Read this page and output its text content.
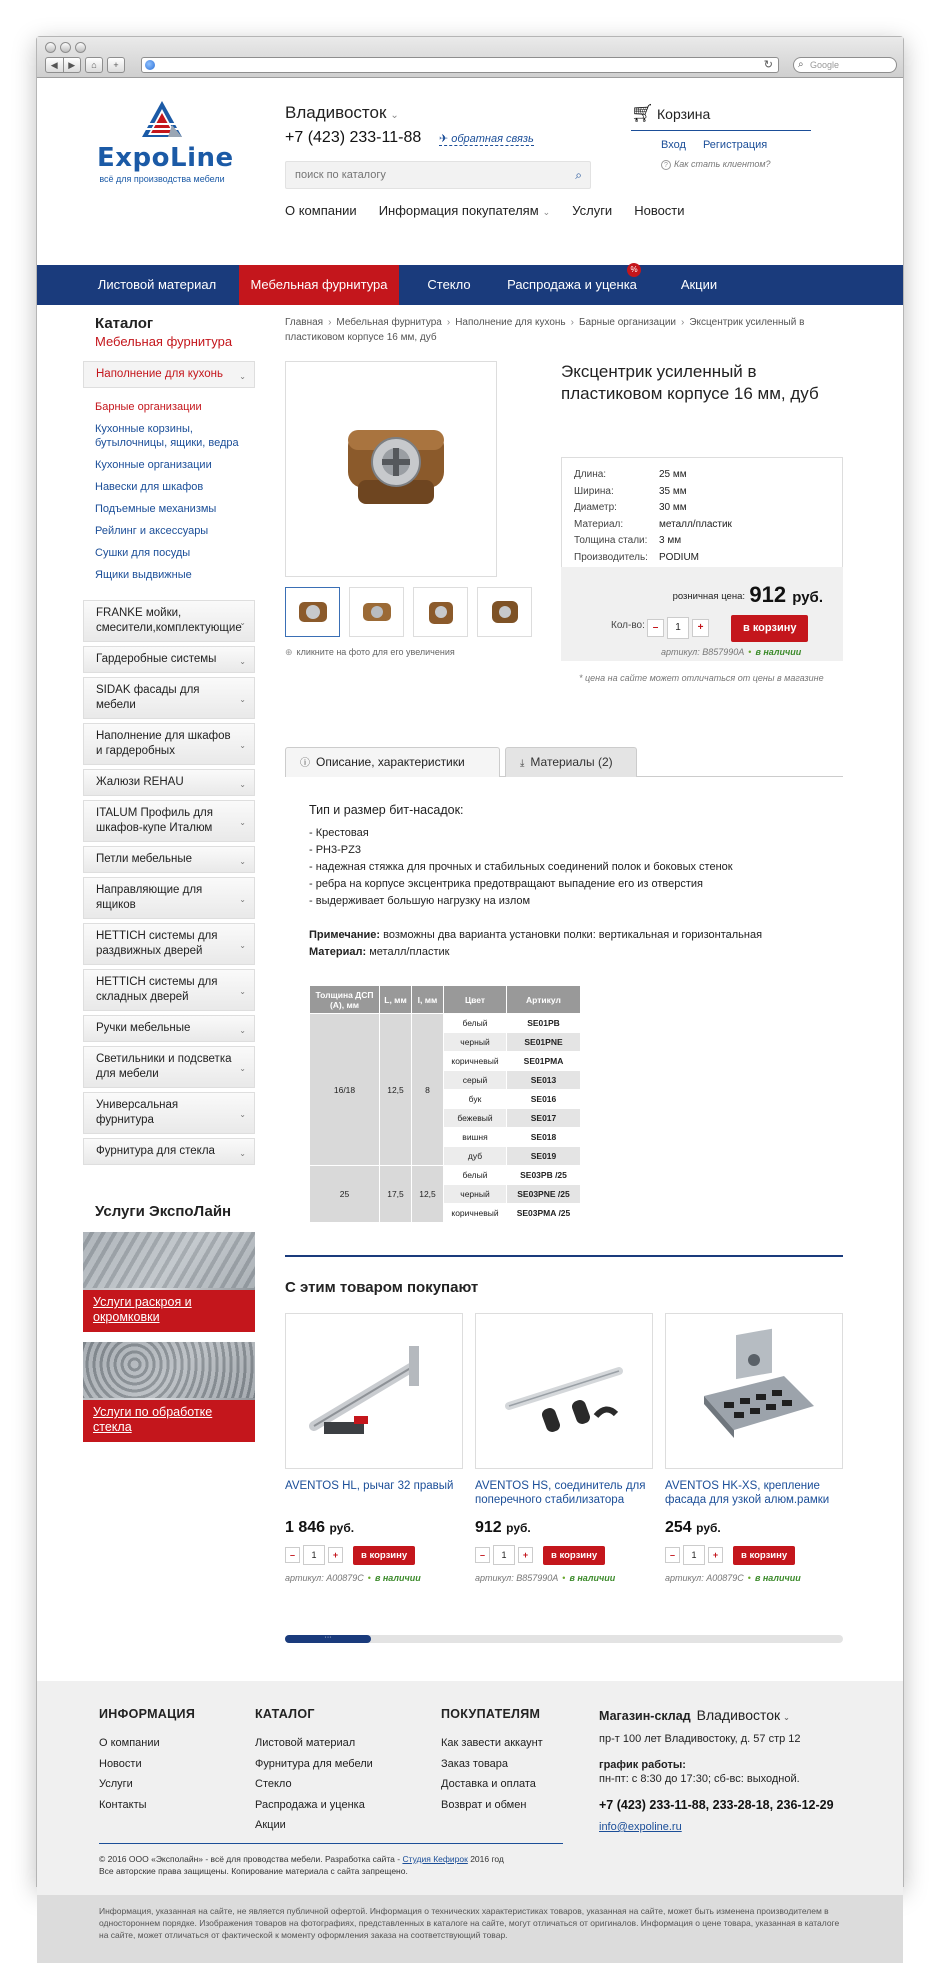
◀	▶	⌂	+	↻	⌕ Google
ExpoLine
всё для производства мебели
Владивосток ⌄
+7 (423) 233-11-88 ✈ обратная связь
поиск по каталогу
⌕
О компании Информация покупателям ⌄ Услуги Новости
🛒︎ Корзина
Вход Регистрация
? Как стать клиентом?
Листовой материал	Мебельная фурнитура	Стекло	Распродажа и уценка
%
Акции
Каталог
Мебельная фурнитура
Наполнение для кухонь ⌄
Барные организации
Кухонные корзины, бутылочницы, ящики, ведра
Кухонные организации
Навески для шкафов
Подъемные механизмы
Рейлинг и аксессуары
Сушки для посуды
Ящики выдвижные
FRANKE мойки, смесители,комплектующие
⌄
Гардеробные системы	⌄
SIDAK фасады для мебели	⌄
Наполнение для шкафов и гардеробных	⌄
Жалюзи REHAU	⌄
ITALUM Профиль для шкафов-купе Италюм	⌄
Петли мебельные	⌄
Направляющие для ящиков	⌄
HETTICH системы для раздвижных дверей	⌄
HETTICH системы для складных дверей	⌄
Ручки мебельные	⌄
Светильники и подсветка для мебели	⌄
Универсальная фурнитура	⌄
Фурнитура для стекла	⌄
Услуги ЭкспоЛайн
Услуги раскроя и окромковки
Услуги по обработке стекла
Главная › Мебельная фурнитура › Наполнение для кухонь › Барные организации › Эксцентрик усиленный в пластиковом корпусе 16 мм, дуб
⊕ кликните на фото для его увеличения
Эксцентрик усиленный в пластиковом корпусе 16 мм, дуб
Длина:	25 мм
Ширина:	35 мм
Диаметр:	30 мм
Материал:	металл/пластик
Толщина стали:	3 мм
Производитель:	PODIUM
розничная цена: 912 руб.
Кол-во: –	1	+	в корзину
артикул: B857990A • в наличии
* цена на сайте может отличаться от цены в магазине
ⓘ Описание, характеристики	⤓ Материалы (2)
Тип и размер бит-насадок:
- Крестовая
- PH3-PZ3
- надежная стяжка для прочных и стабильных соединений полок и боковых стенок
- ребра на корпусе эксцентрика предотвращают выпадение его из отверстия
- выдерживает большую нагрузку на излом
Примечание: возможны два варианта установки полки: вертикальная и горизонтальная
Материал: металл/пластик
Толщина ДСП (А), мм	L, мм	I, мм	Цвет	Артикул
16/18	12,5	8	белый	SE01PB
			черный	SE01PNE
			коричневый	SE01PMA
			серый	SE013
			бук	SE016
			бежевый	SE017
			вишня	SE018
			дуб	SE019
25	17,5	12,5	белый	SE03PB /25
			черный	SE03PNE /25
			коричневый	SE03PMA /25
С этим товаром покупают
AVENTOS HL, рычаг 32 правый
1 846 руб.
–	1	+	в корзину
артикул: A00879C • в наличии
AVENTOS HS, соединитель для поперечного стабилизатора
912 руб.
–	1	+	в корзину
артикул: B857990A • в наличии
AVENTOS HK-XS, крепление фасада для узкой алюм.рамки
254 руб.
–	1	+	в корзину
артикул: A00879C • в наличии
···
ИНФОРМАЦИЯ
О компании
Новости
Услуги
Контакты
КАТАЛОГ
Листовой материал
Фурнитура для мебели
Стекло
Распродажа и уценка
Акции
ПОКУПАТЕЛЯМ
Как завести аккаунт
Заказ товара
Доставка и оплата
Возврат и обмен
Магазин-склад Владивосток ⌄
пр-т 100 лет Владивостоку, д. 57 стр 12
график работы:
пн-пт: с 8:30 до 17:30; сб-вс: выходной.
+7 (423) 233-11-88, 233-28-18, 236-12-29
info@expoline.ru
© 2016 ООО «Эксполайн» - всё для проводства мебели. Разработка сайта - Студия Кефирок 2016 год
Все авторские права защищены. Копирование материала с сайта запрещено.
Информация, указанная на сайте, не является публичной офертой. Информация о технических характеристиках товаров, указанная на сайте, может быть изменена производителем в одностороннем порядке. Изображения товаров на фотографиях, представленных в каталоге на сайте, могут отличаться от оригиналов. Информация о цене товара, указанная в каталоге на сайте, может отличаться от фактической к моменту оформления заказа на соответствующий товар.
